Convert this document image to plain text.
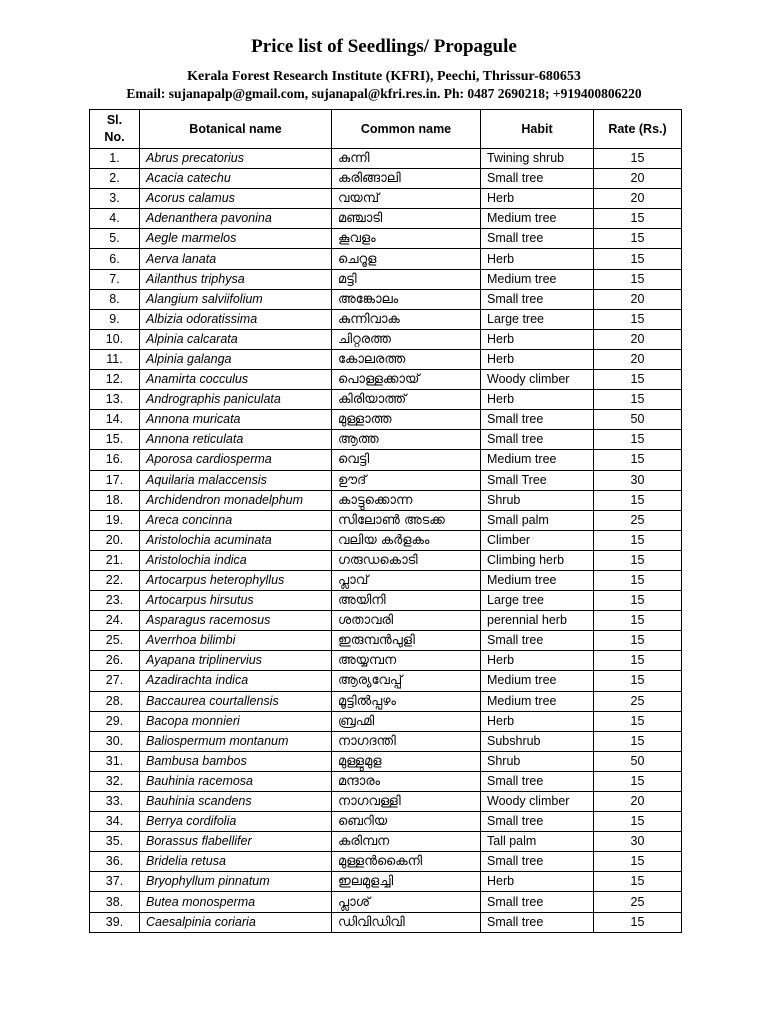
Price list of Seedlings/ Propagule
Kerala Forest Research Institute (KFRI), Peechi, Thrissur-680653
Email: sujanapalp@gmail.com, sujanapal@kfri.res.in. Ph: 0487 2690218; +919400806220
Sl. No.	Botanical name	Common name	Habit	Rate (Rs.)
1.	Abrus precatorius	കുന്നി	Twining shrub	15
2.	Acacia catechu	കരിങ്ങാലി	Small tree	20
3.	Acorus calamus	വയമ്പ്	Herb	20
4.	Adenanthera pavonina	മഞ്ചാടി	Medium tree	15
5.	Aegle marmelos	കൂവളം	Small tree	15
6.	Aerva lanata	ചെറൂള	Herb	15
7.	Ailanthus triphysa	മട്ടി	Medium tree	15
8.	Alangium salviifolium	അങ്കോലം	Small tree	20
9.	Albizia odoratissima	കുന്നിവാക	Large tree	15
10.	Alpinia calcarata	ചിറ്റരത്ത	Herb	20
11.	Alpinia galanga	കോലരത്ത	Herb	20
12.	Anamirta cocculus	പൊള്ളക്കായ്	Woody climber	15
13.	Andrographis paniculata	കിരിയാത്ത്	Herb	15
14.	Annona muricata	മുള്ളാത്ത	Small tree	50
15.	Annona reticulata	ആത്ത	Small tree	15
16.	Aporosa cardiosperma	വെട്ടി	Medium tree	15
17.	Aquilaria malaccensis	ഊദ്	Small Tree	30
18.	Archidendron monadelphum	കാട്ടുക്കൊന്ന	Shrub	15
19.	Areca concinna	സിലോൺ അടക്ക	Small palm	25
20.	Aristolochia acuminata	വലിയ കർളകം	Climber	15
21.	Aristolochia indica	ഗരുഡകൊടി	Climbing herb	15
22.	Artocarpus heterophyllus	പ്ലാവ്	Medium tree	15
23.	Artocarpus hirsutus	അയിനി	Large tree	15
24.	Asparagus racemosus	ശതാവരി	perennial herb	15
25.	Averrhoa bilimbi	ഇരുമ്പൻപുളി	Small tree	15
26.	Ayapana triplinervius	അയ്യമ്പന	Herb	15
27.	Azadirachta indica	ആര്യവേപ്പ്	Medium tree	15
28.	Baccaurea courtallensis	മൂട്ടിൽപ്പഴം	Medium tree	25
29.	Bacopa monnieri	ബ്രഹ്മി	Herb	15
30.	Baliospermum montanum	നാഗദന്തി	Subshrub	15
31.	Bambusa bambos	മുള്ളുമുള	Shrub	50
32.	Bauhinia racemosa	മന്ദാരം	Small tree	15
33.	Bauhinia scandens	നാഗവള്ളി	Woody climber	20
34.	Berrya cordifolia	ബെറിയ	Small tree	15
35.	Borassus flabellifer	കരിമ്പന	Tall palm	30
36.	Bridelia retusa	മുള്ളൻകൈനി	Small tree	15
37.	Bryophyllum pinnatum	ഇലമുളച്ചി	Herb	15
38.	Butea monosperma	പ്ലാശ്	Small tree	25
39.	Caesalpinia coriaria	ഡിവിഡിവി	Small tree	15
